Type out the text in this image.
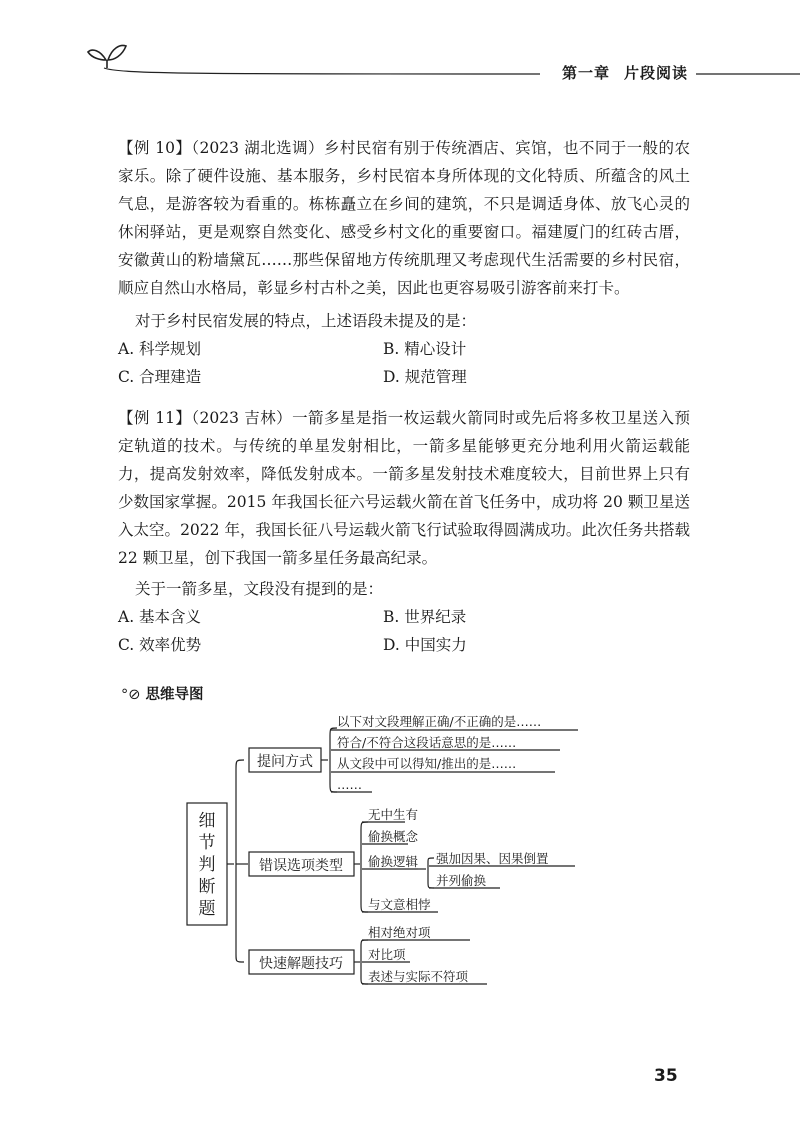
第一章 片段阅读

【例 10】（2023 湖北选调）乡村民宿有别于传统酒店、宾馆，也不同于一般的农家乐。除了硬件设施、基本服务，乡村民宿本身所体现的文化特质、所蕴含的风土气息，是游客较为看重的。栋栋矗立在乡间的建筑，不只是调适身体、放飞心灵的休闲驿站，更是观察自然变化、感受乡村文化的重要窗口。福建厦门的红砖古厝，安徽黄山的粉墙黛瓦……那些保留地方传统肌理又考虑现代生活需要的乡村民宿，顺应自然山水格局，彰显乡村古朴之美，因此也更容易吸引游客前来打卡。

对于乡村民宿发展的特点，上述语段未提及的是：
A. 科学规划	B. 精心设计
C. 合理建造	D. 规范管理

【例 11】（2023 吉林）一箭多星是指一枚运载火箭同时或先后将多枚卫星送入预定轨道的技术。与传统的单星发射相比，一箭多星能够更充分地利用火箭运载能力，提高发射效率，降低发射成本。一箭多星发射技术难度较大，目前世界上只有少数国家掌握。2015 年我国长征六号运载火箭在首飞任务中，成功将 20 颗卫星送入太空。2022 年，我国长征八号运载火箭飞行试验取得圆满成功。此次任务共搭载 22 颗卫星，创下我国一箭多星任务最高纪录。

关于一箭多星，文段没有提到的是：
A. 基本含义	B. 世界纪录
C. 效率优势	D. 中国实力
°⊘ 思维导图
细节判断题
提问方式
错误选项类型
快速解题技巧
以下对文段理解正确/不正确的是……
符合/不符合这段话意思的是……
从文段中可以得知/推出的是……
……
无中生有
偷换概念
偷换逻辑
与文意相悖
强加因果、因果倒置
并列偷换
相对绝对项
对比项
表述与实际不符项
35
